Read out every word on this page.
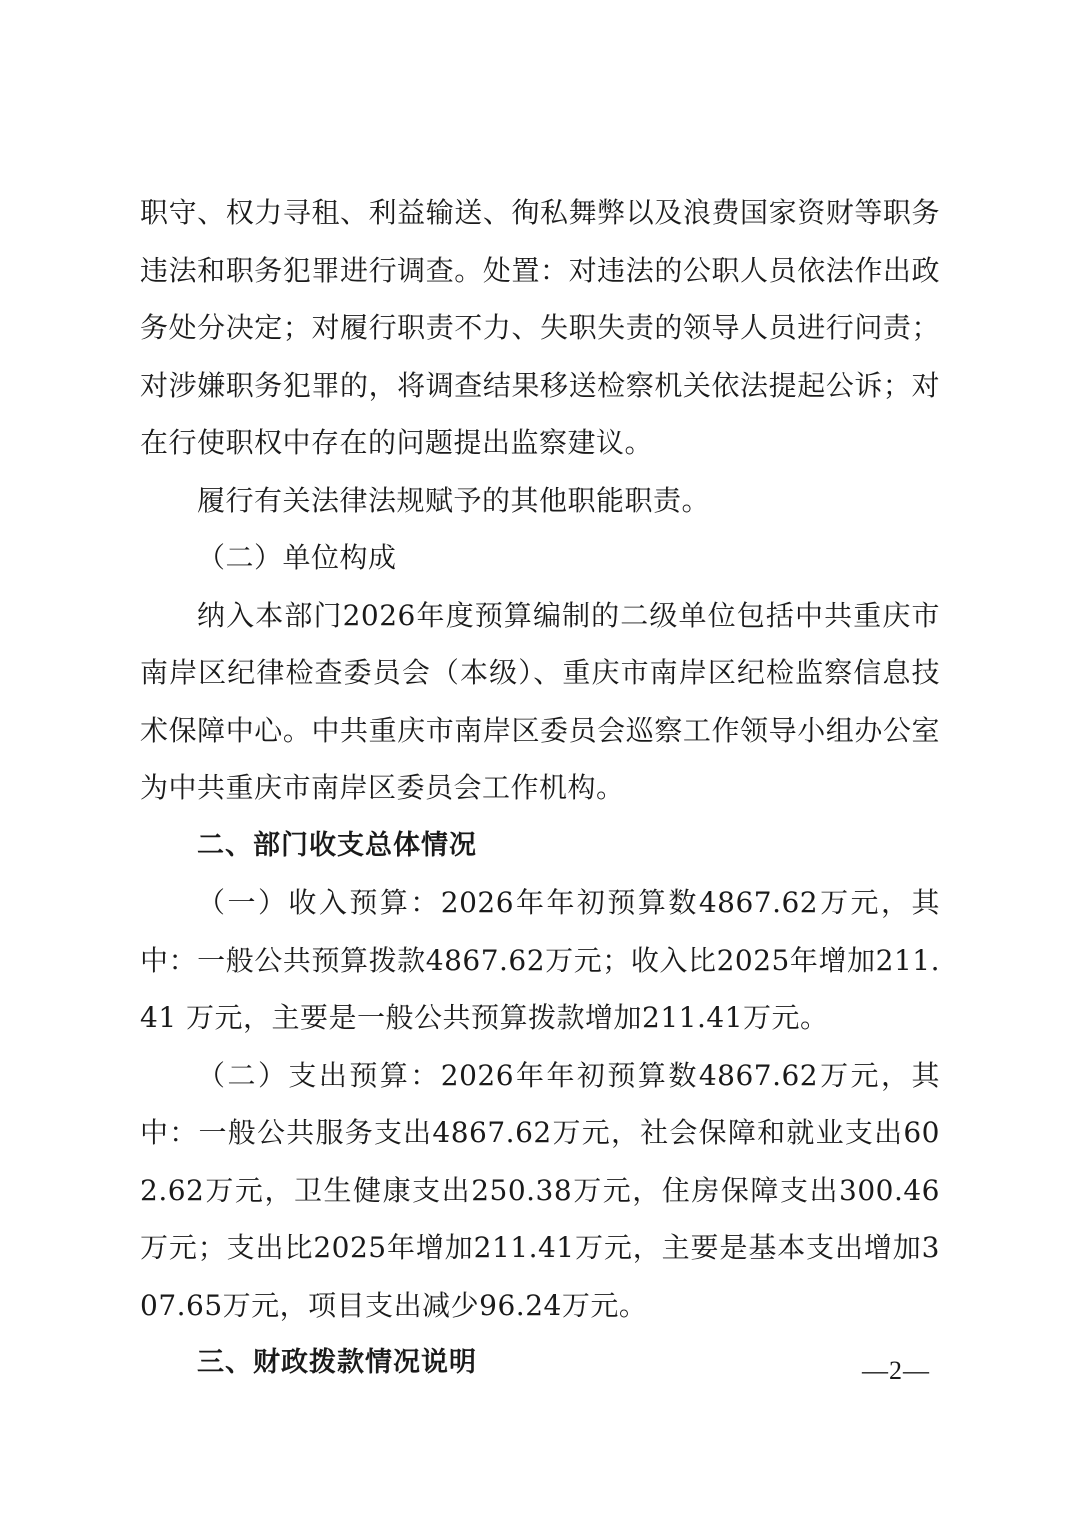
职守、权力寻租、利益输送、徇私舞弊以及浪费国家资财等职务违法和职务犯罪进行调查。处置：对违法的公职人员依法作出政务处分决定；对履行职责不力、失职失责的领导人员进行问责；对涉嫌职务犯罪的，将调查结果移送检察机关依法提起公诉；对在行使职权中存在的问题提出监察建议。

履行有关法律法规赋予的其他职能职责。

（二）单位构成

纳入本部门2026年度预算编制的二级单位包括中共重庆市南岸区纪律检查委员会（本级）、重庆市南岸区纪检监察信息技术保障中心。中共重庆市南岸区委员会巡察工作领导小组办公室为中共重庆市南岸区委员会工作机构。

二、部门收支总体情况

（一）收入预算：2026年年初预算数4867.62万元，其中：一般公共预算拨款4867.62万元；收入比2025年增加211.41 万元，主要是一般公共预算拨款增加211.41万元。

（二）支出预算：2026年年初预算数4867.62万元，其中：一般公共服务支出4867.62万元，社会保障和就业支出602.62万元，卫生健康支出250.38万元，住房保障支出300.46万元；支出比2025年增加211.41万元，主要是基本支出增加307.65万元，项目支出减少96.24万元。

三、财政拨款情况说明	—2—
